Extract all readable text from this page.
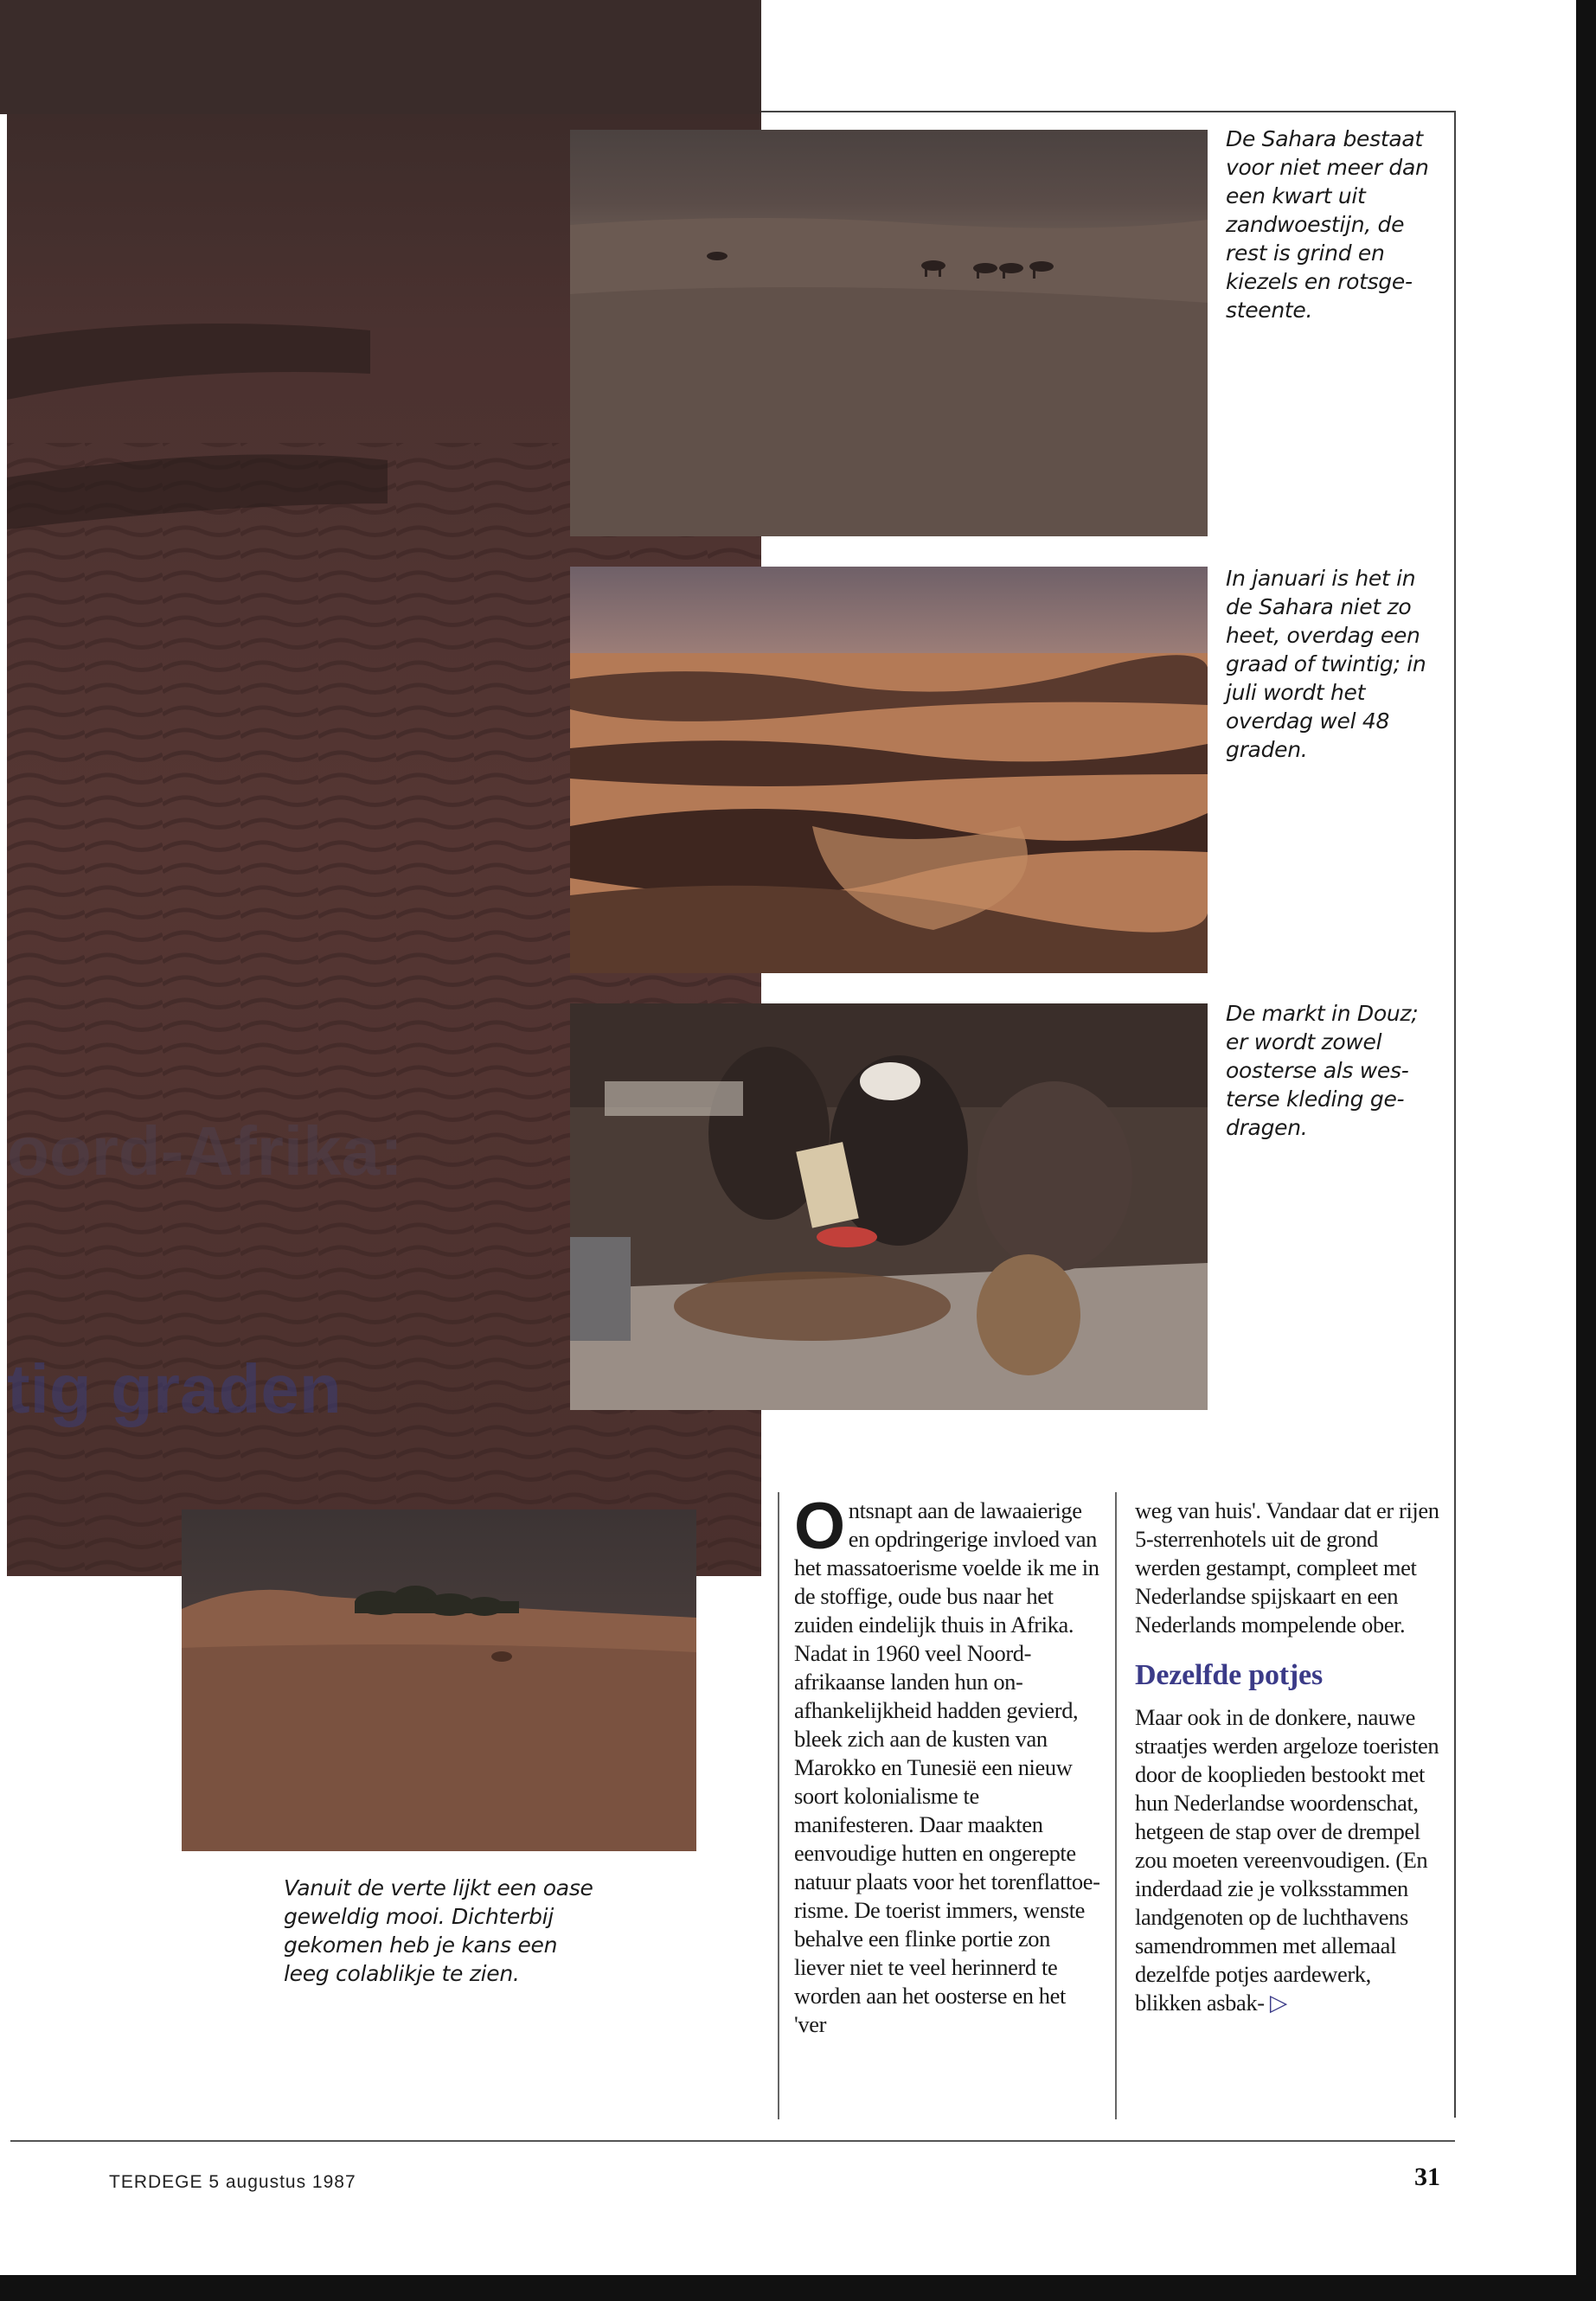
oord-Afrika:
tig graden
De Sahara bestaat voor niet meer dan een kwart uit zandwoestijn, de rest is grind en kiezels en rotsgesteente.
In januari is het in de Sahara niet zo heet, overdag een graad of twintig; in juli wordt het overdag wel 48 graden.
De markt in Douz; er wordt zowel oosterse als westerse kleding gedragen.
Vanuit de verte lijkt een oase geweldig mooi. Dichterbij gekomen heb je kans een leeg colablikje te zien.

Ontsnapt aan de lawaaierige en opdringerige invloed van het massatoerisme voelde ik me in de stoffige, oude bus naar het zuiden eindelijk thuis in Afrika.

Nadat in 1960 veel Noordafrikaanse landen hun onafhankelijkheid hadden gevierd, bleek zich aan de kusten van Marokko en Tunesië een nieuw soort kolonialisme te manifesteren. Daar maakten eenvoudige hutten en ongerepte natuur plaats voor het torenflattoerisme. De toerist immers, wenste behalve een flinke portie zon liever niet te veel herinnerd te worden aan het oosterse en het 'ver

weg van huis'. Vandaar dat er rijen 5-sterrenhotels uit de grond werden gestampt, compleet met Nederlandse spijskaart en een Nederlands mompelende ober.

Dezelfde potjes

Maar ook in de donkere, nauwe straatjes werden argeloze toeristen door de kooplieden bestookt met hun Nederlandse woordenschat, hetgeen de stap over de drempel zou moeten vereenvoudigen. (En inderdaad zie je volksstammen landgenoten op de luchthavens samendrommen met allemaal dezelfde potjes aardewerk, blikken asbak- ▷

TERDEGE 5 augustus 1987	31
